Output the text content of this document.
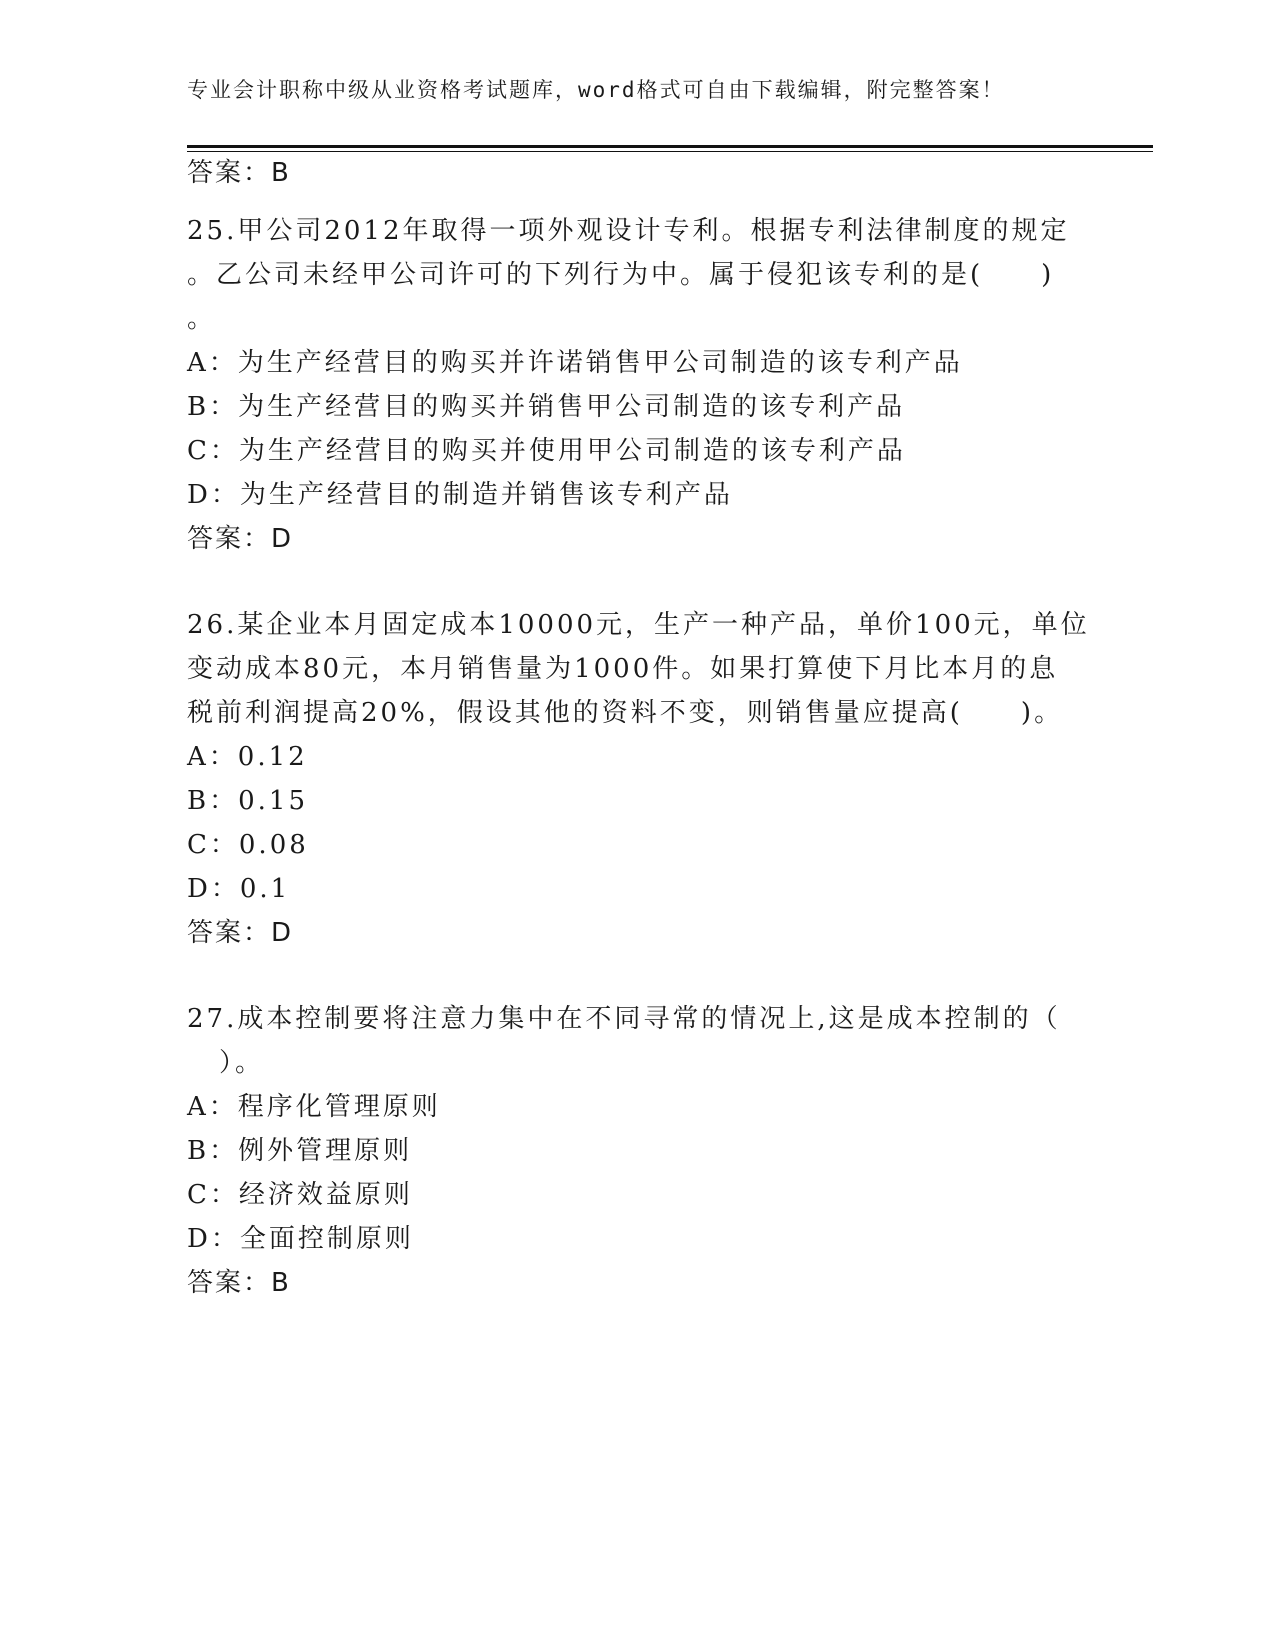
专业会计职称中级从业资格考试题库，word格式可自由下载编辑，附完整答案！
答案：B
25.甲公司2012年取得一项外观设计专利。根据专利法律制度的规定
。乙公司未经甲公司许可的下列行为中。属于侵犯该专利的是(　　)
。
A：为生产经营目的购买并许诺销售甲公司制造的该专利产品
B：为生产经营目的购买并销售甲公司制造的该专利产品
C：为生产经营目的购买并使用甲公司制造的该专利产品
D：为生产经营目的制造并销售该专利产品
答案：D
26.某企业本月固定成本10000元，生产一种产品，单价100元，单位
变动成本80元，本月销售量为1000件。如果打算使下月比本月的息
税前利润提高20%，假设其他的资料不变，则销售量应提高(　　)。
A：0.12
B：0.15
C：0.08
D：0.1
答案：D
27.成本控制要将注意力集中在不同寻常的情况上,这是成本控制的（
）。
A：程序化管理原则
B：例外管理原则
C：经济效益原则
D：全面控制原则
答案：B
